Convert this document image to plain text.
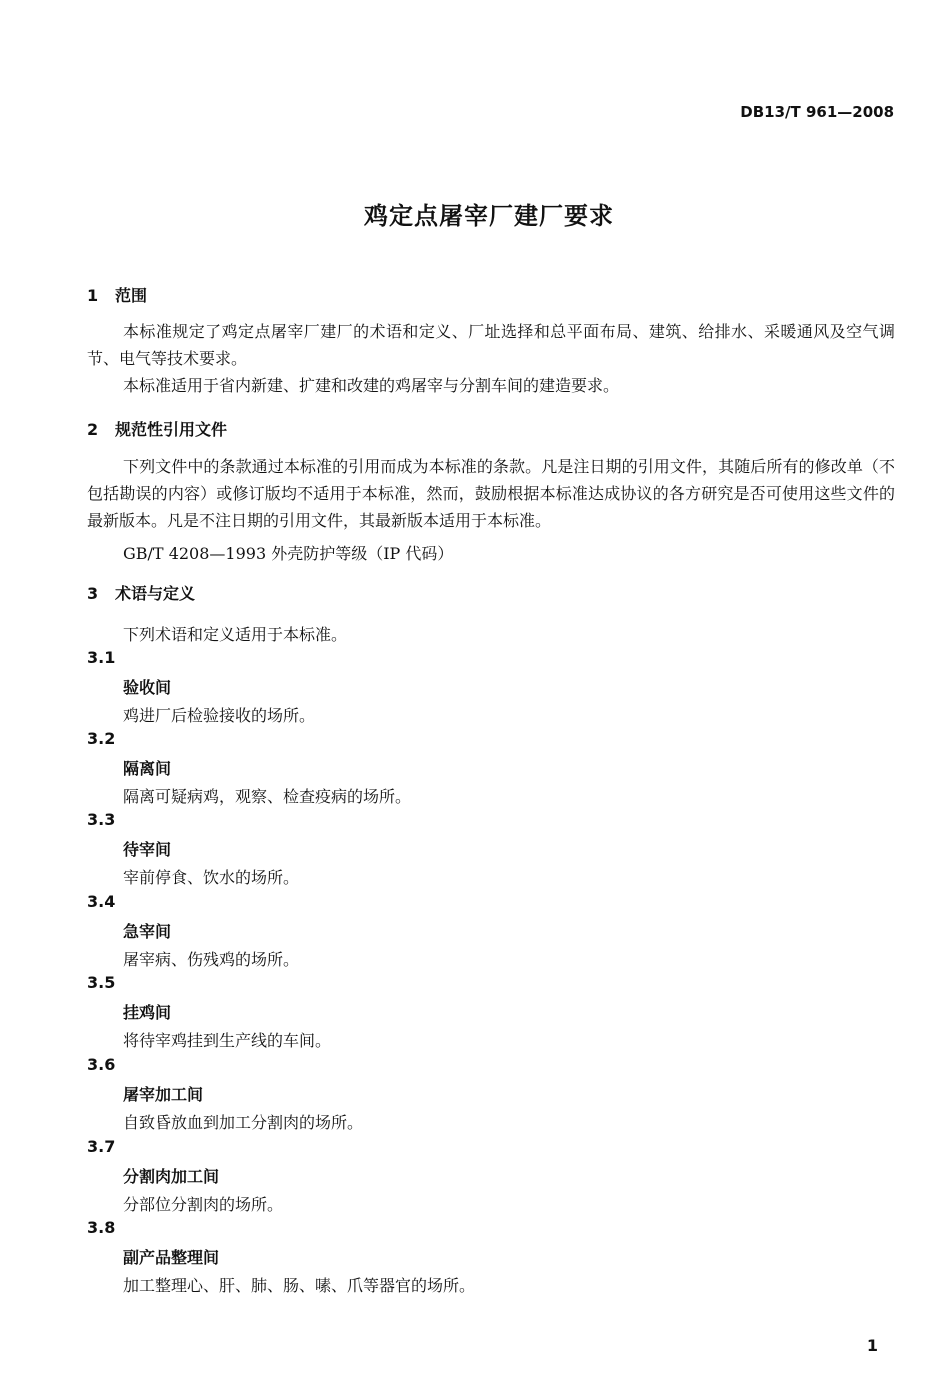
DB13/T 961—2008
鸡定点屠宰厂建厂要求
1 范围
本标准规定了鸡定点屠宰厂建厂的术语和定义、厂址选择和总平面布局、建筑、给排水、采暖通风及空气调节、电气等技术要求。
本标准适用于省内新建、扩建和改建的鸡屠宰与分割车间的建造要求。
2 规范性引用文件
下列文件中的条款通过本标准的引用而成为本标准的条款。凡是注日期的引用文件，其随后所有的修改单（不包括勘误的内容）或修订版均不适用于本标准，然而，鼓励根据本标准达成协议的各方研究是否可使用这些文件的最新版本。凡是不注日期的引用文件，其最新版本适用于本标准。
GB/T 4208—1993 外壳防护等级（IP 代码）
3 术语与定义
下列术语和定义适用于本标准。
3.1
验收间
鸡进厂后检验接收的场所。
3.2
隔离间
隔离可疑病鸡，观察、检查疫病的场所。
3.3
待宰间
宰前停食、饮水的场所。
3.4
急宰间
屠宰病、伤残鸡的场所。
3.5
挂鸡间
将待宰鸡挂到生产线的车间。
3.6
屠宰加工间
自致昏放血到加工分割肉的场所。
3.7
分割肉加工间
分部位分割肉的场所。
3.8
副产品整理间
加工整理心、肝、肺、肠、嗉、爪等器官的场所。
1
